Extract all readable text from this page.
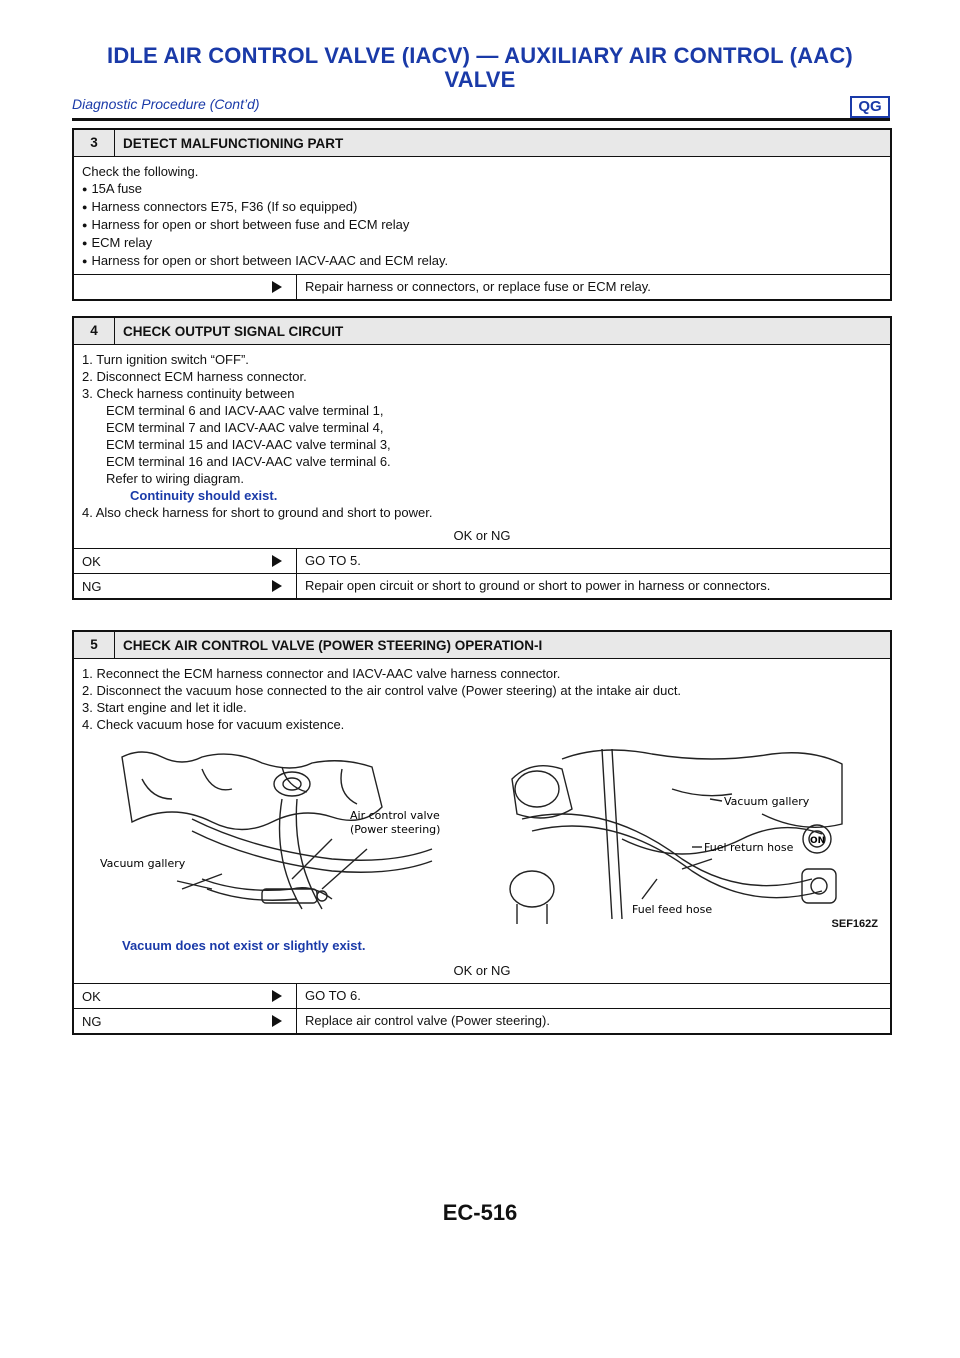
IDLE AIR CONTROL VALVE (IACV) — AUXILIARY AIR CONTROL (AAC) VALVE
Diagnostic Procedure (Cont’d)	QG
3	DETECT MALFUNCTIONING PART
Check the following.
● 15A fuse
● Harness connectors E75, F36 (If so equipped)
● Harness for open or short between fuse and ECM relay
● ECM relay
● Harness for open or short between IACV-AAC and ECM relay.
Repair harness or connectors, or replace fuse or ECM relay.
4	CHECK OUTPUT SIGNAL CIRCUIT
1. Turn ignition switch “OFF”.
2. Disconnect ECM harness connector.
3. Check harness continuity between
ECM terminal 6 and IACV-AAC valve terminal 1,
ECM terminal 7 and IACV-AAC valve terminal 4,
ECM terminal 15 and IACV-AAC valve terminal 3,
ECM terminal 16 and IACV-AAC valve terminal 6.
Refer to wiring diagram.
Continuity should exist.
4. Also check harness for short to ground and short to power.
OK or NG
OK	GO TO 5.
NG	Repair open circuit or short to ground or short to power in harness or connectors.
5	CHECK AIR CONTROL VALVE (POWER STEERING) OPERATION-I
1. Reconnect the ECM harness connector and IACV-AAC valve harness connector.
2. Disconnect the vacuum hose connected to the air control valve (Power steering) at the intake air duct.
3. Start engine and let it idle.
4. Check vacuum hose for vacuum existence.
Vacuum gallery
Air control valve
(Power steering)
Vacuum gallery
Fuel return hose
Fuel feed hose
ON
SEF162Z
Vacuum does not exist or slightly exist.
OK or NG
OK	GO TO 6.
NG	Replace air control valve (Power steering).
EC-516
